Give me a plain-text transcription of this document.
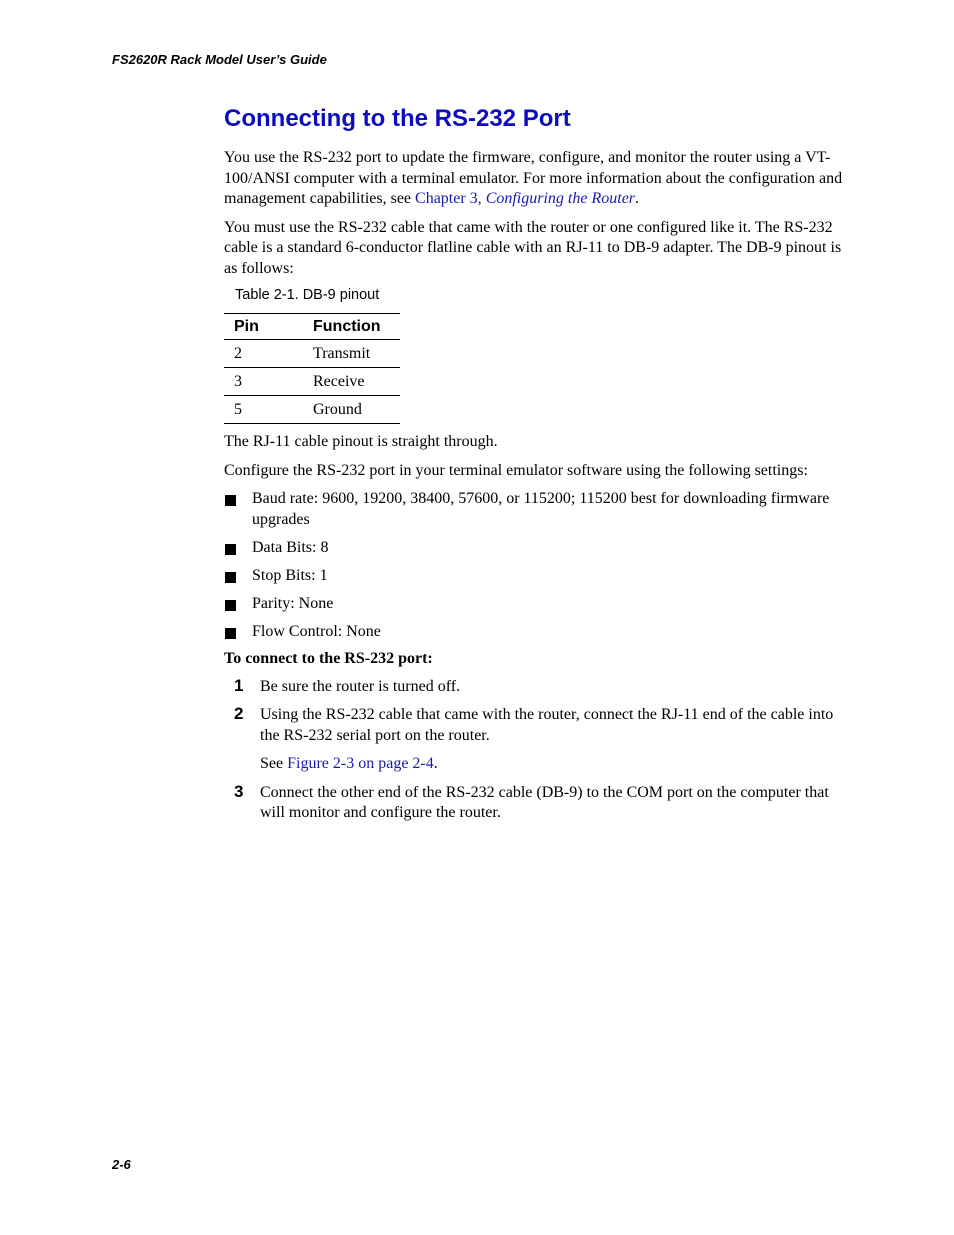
FS2620R Rack Model User’s Guide
Connecting to the RS-232 Port

You use the RS-232 port to update the firmware, configure, and monitor the router using a VT-100/ANSI computer with a terminal emulator. For more information about the configuration and management capabilities, see Chapter 3, Configuring the Router.

You must use the RS-232 cable that came with the router or one configured like it. The RS-232 cable is a standard 6-conductor flatline cable with an RJ-11 to DB-9 adapter. The DB-9 pinout is as follows:

Table 2-1. DB-9 pinout
Pin	Function
2	Transmit
3	Receive
5	Ground

The RJ-11 cable pinout is straight through.

Configure the RS-232 port in your terminal emulator software using the following settings:

Baud rate: 9600, 19200, 38400, 57600, or 115200; 115200 best for downloading firmware upgrades
Data Bits: 8
Stop Bits: 1
Parity: None
Flow Control: None
To connect to the RS-232 port:
1 Be sure the router is turned off.
2 Using the RS-232 cable that came with the router, connect the RJ-11 end of the cable into the RS-232 serial port on the router.
See Figure 2-3 on page 2-4.
3 Connect the other end of the RS-232 cable (DB-9) to the COM port on the computer that will monitor and configure the router.
2-6
